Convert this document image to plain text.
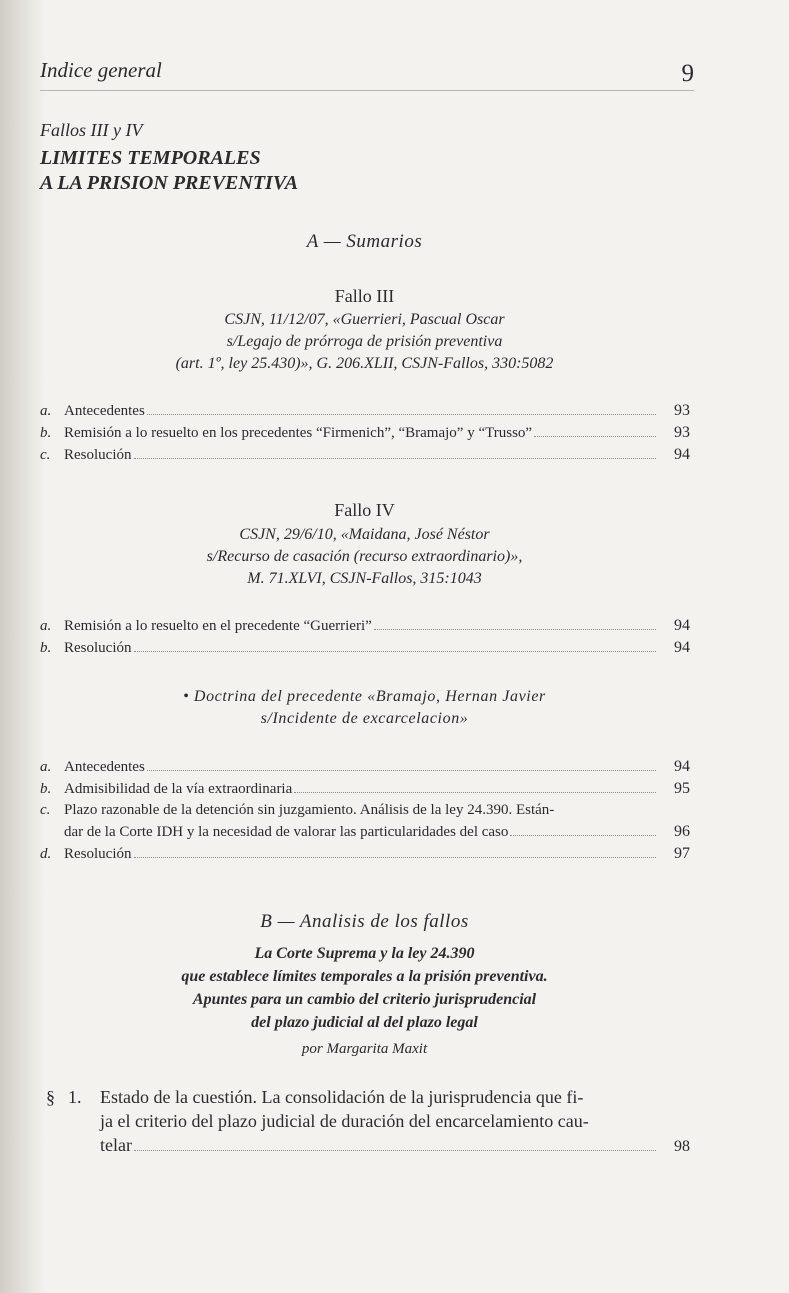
Indice general	9
Fallos III y IV
LIMITES TEMPORALES
A LA PRISION PREVENTIVA
A — Sumarios
Fallo III
CSJN, 11/12/07, «Guerrieri, Pascual Oscar
s/Legajo de prórroga de prisión preventiva
(art. 1º, ley 25.430)», G. 206.XLII, CSJN-Fallos, 330:5082
a. Antecedentes	93
b. Remisión a lo resuelto en los precedentes “Firmenich”, “Bramajo” y “Trusso”	93
c. Resolución	94
Fallo IV
CSJN, 29/6/10, «Maidana, José Néstor
s/Recurso de casación (recurso extraordinario)»,
M. 71.XLVI, CSJN-Fallos, 315:1043
a. Remisión a lo resuelto en el precedente “Guerrieri”	94
b. Resolución	94
• Doctrina del precedente «Bramajo, Hernan Javier
s/Incidente de excarcelacion»
a. Antecedentes	94
b. Admisibilidad de la vía extraordinaria	95
c. Plazo razonable de la detención sin juzgamiento. Análisis de la ley 24.390. Están-
dar de la Corte IDH y la necesidad de valorar las particularidades del caso	96
d. Resolución	97
B — Analisis de los fallos
La Corte Suprema y la ley 24.390
que establece límites temporales a la prisión preventiva.
Apuntes para un cambio del criterio jurisprudencial
del plazo judicial al del plazo legal
por Margarita Maxit
§ 1. Estado de la cuestión. La consolidación de la jurisprudencia que fi-
ja el criterio del plazo judicial de duración del encarcelamiento cau-
telar	98
